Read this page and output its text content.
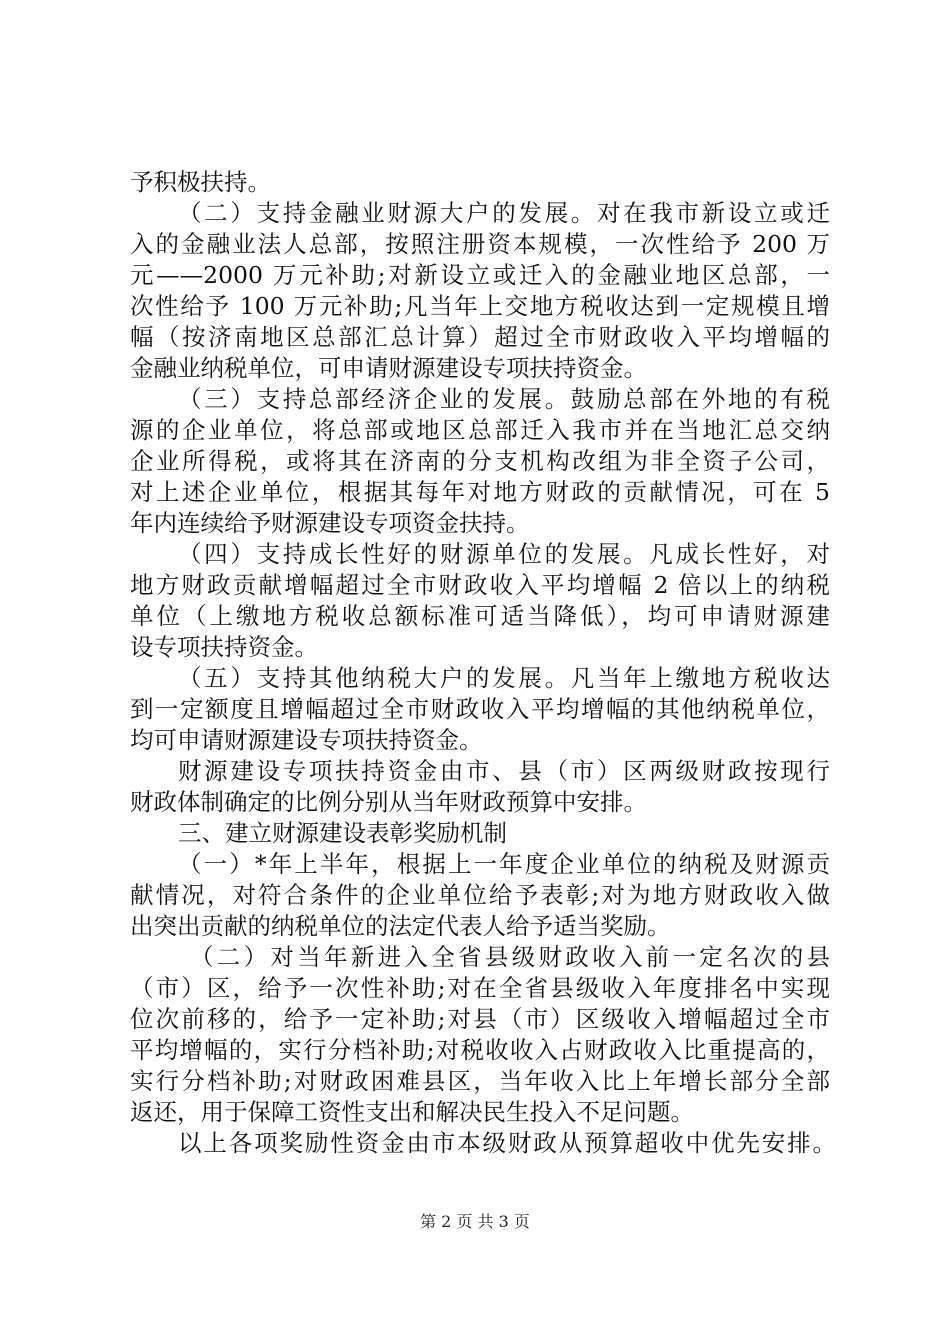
予积极扶持。
（二）支持金融业财源大户的发展。对在我市新设立或迁
入的金融业法人总部，按照注册资本规模，一次性给予 200 万
元——2000 万元补助;对新设立或迁入的金融业地区总部，一
次性给予 100 万元补助;凡当年上交地方税收达到一定规模且增
幅（按济南地区总部汇总计算）超过全市财政收入平均增幅的
金融业纳税单位，可申请财源建设专项扶持资金。
（三）支持总部经济企业的发展。鼓励总部在外地的有税
源的企业单位，将总部或地区总部迁入我市并在当地汇总交纳
企业所得税，或将其在济南的分支机构改组为非全资子公司，
对上述企业单位，根据其每年对地方财政的贡献情况，可在 5
年内连续给予财源建设专项资金扶持。
（四）支持成长性好的财源单位的发展。凡成长性好，对
地方财政贡献增幅超过全市财政收入平均增幅 2 倍以上的纳税
单位（上缴地方税收总额标准可适当降低），均可申请财源建
设专项扶持资金。
（五）支持其他纳税大户的发展。凡当年上缴地方税收达
到一定额度且增幅超过全市财政收入平均增幅的其他纳税单位，
均可申请财源建设专项扶持资金。
财源建设专项扶持资金由市、县（市）区两级财政按现行
财政体制确定的比例分别从当年财政预算中安排。
三、建立财源建设表彰奖励机制
（一）*年上半年，根据上一年度企业单位的纳税及财源贡
献情况，对符合条件的企业单位给予表彰;对为地方财政收入做
出突出贡献的纳税单位的法定代表人给予适当奖励。
（二）对当年新进入全省县级财政收入前一定名次的县
（市）区，给予一次性补助;对在全省县级收入年度排名中实现
位次前移的，给予一定补助;对县（市）区级收入增幅超过全市
平均增幅的，实行分档补助;对税收收入占财政收入比重提高的，
实行分档补助;对财政困难县区，当年收入比上年增长部分全部
返还，用于保障工资性支出和解决民生投入不足问题。
以上各项奖励性资金由市本级财政从预算超收中优先安排。
第 2 页 共 3 页
